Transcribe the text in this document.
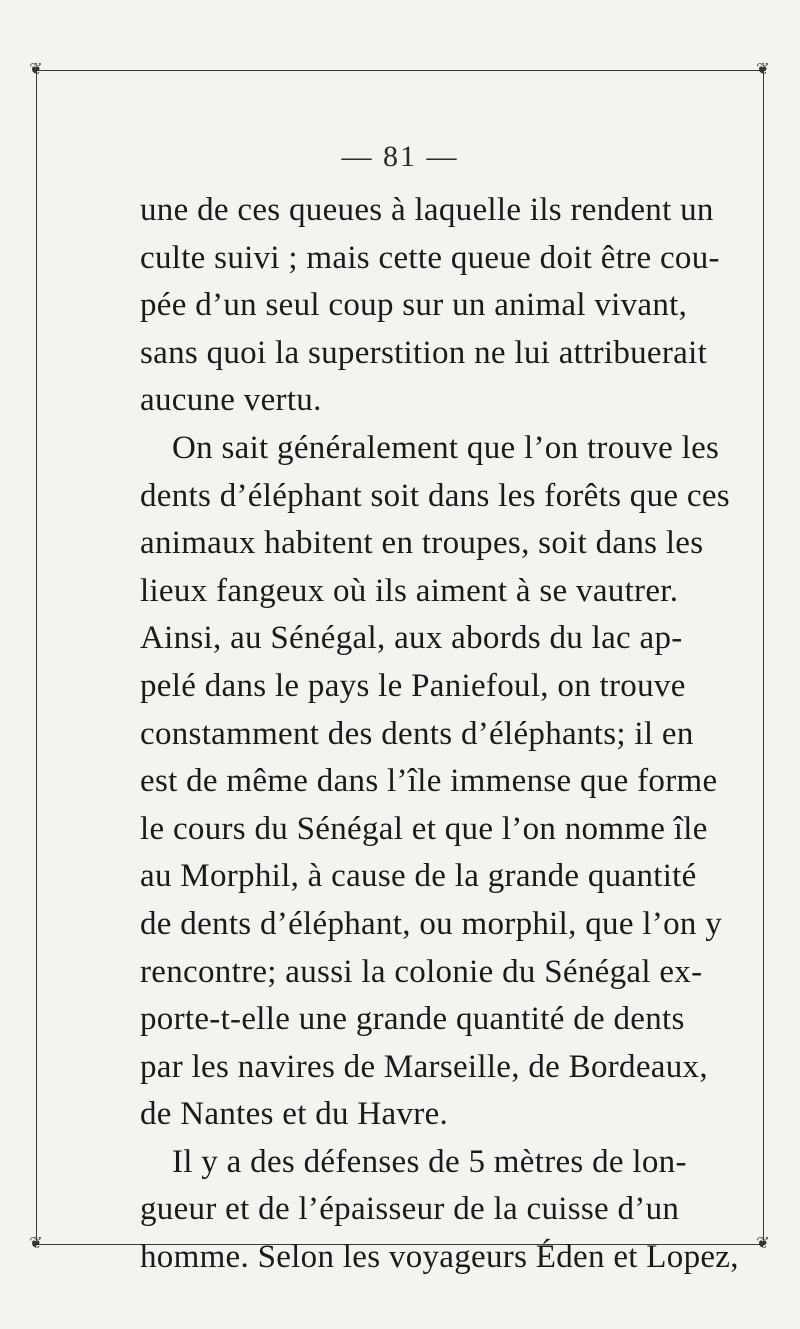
❦	❦
❦	❦
— 81 —
une de ces queues à laquelle ils rendent un
culte suivi ; mais cette queue doit être cou-
pée d’un seul coup sur un animal vivant,
sans quoi la superstition ne lui attribuerait
aucune vertu.
On sait généralement que l’on trouve les
dents d’éléphant soit dans les forêts que ces
animaux habitent en troupes, soit dans les
lieux fangeux où ils aiment à se vautrer.
Ainsi, au Sénégal, aux abords du lac ap-
pelé dans le pays le Paniefoul, on trouve
constamment des dents d’éléphants; il en
est de même dans l’île immense que forme
le cours du Sénégal et que l’on nomme île
au Morphil, à cause de la grande quantité
de dents d’éléphant, ou morphil, que l’on y
rencontre; aussi la colonie du Sénégal ex-
porte-t-elle une grande quantité de dents
par les navires de Marseille, de Bordeaux,
de Nantes et du Havre.
Il y a des défenses de 5 mètres de lon-
gueur et de l’épaisseur de la cuisse d’un
homme. Selon les voyageurs Éden et Lopez,
